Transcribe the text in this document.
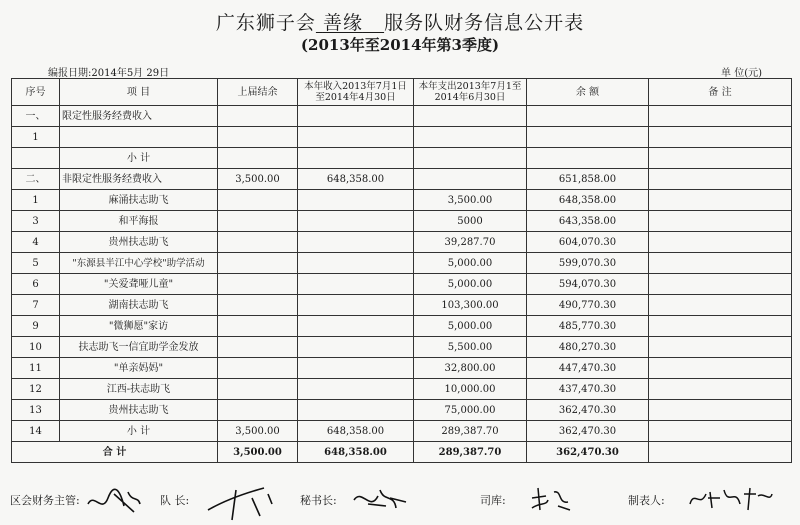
广东狮子会 善缘 服务队财务信息公开表
(2013年至2014年第3季度)
编报日期:2014年5月 29日	单 位(元)
序号	项 目	上届结余	本年收入2013年7月1日至2014年4月30日	本年支出2013年7月1至2014年6月30日	余 额	备 注
一、	限定性服务经费收入					
1						
	小 计					
二、	非限定性服务经费收入	3,500.00	648,358.00		651,858.00	
1	麻涌扶志助飞			3,500.00	648,358.00	
3	和平海报			5000	643,358.00	
4	贵州扶志助飞			39,287.70	604,070.30	
5	"东源县半江中心学校"助学活动			5,000.00	599,070.30	
6	"关爱聋哑儿童"			5,000.00	594,070.30	
7	湖南扶志助飞			103,300.00	490,770.30	
9	"微狮愿"家访			5,000.00	485,770.30	
10	扶志助飞一信宜助学金发放			5,500.00	480,270.30	
11	"单亲妈妈"			32,800.00	447,470.30	
12	江西-扶志助飞			10,000.00	437,470.30	
13	贵州扶志助飞			75,000.00	362,470.30	
14	小 计	3,500.00	648,358.00	289,387.70	362,470.30	
合 计		3,500.00	648,358.00	289,387.70	362,470.30	
区会财务主管:	队 长:	秘书长:	司库:	制表人:
